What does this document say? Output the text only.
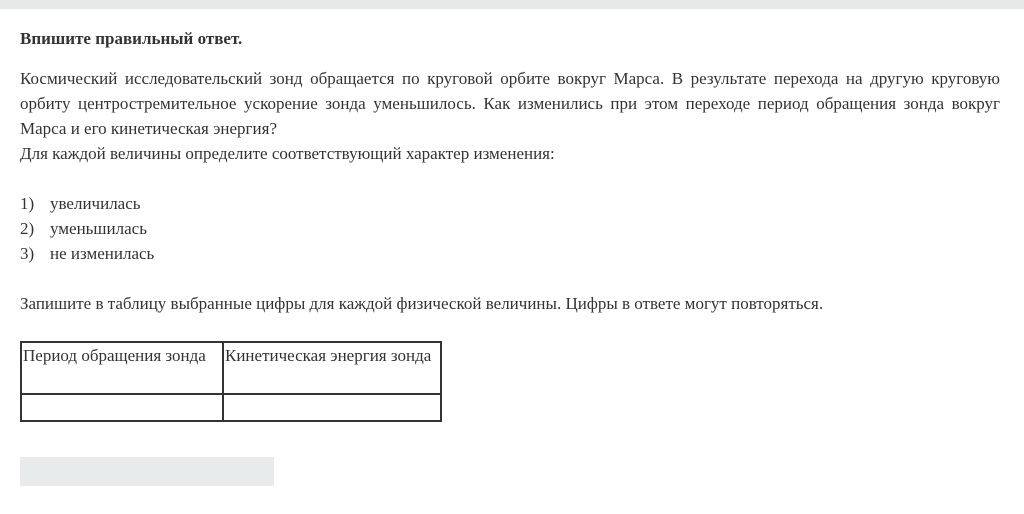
Впишите правильный ответ.

Космический исследовательский зонд обращается по круговой орбите вокруг Марса. В результате перехода на другую круговую орбиту центростремительное ускорение зонда уменьшилось. Как изменились при этом переходе период обращения зонда вокруг Марса и его кинетическая энергия?

Для каждой величины определите соответствующий характер изменения:

1) увеличилась
2) уменьшилась
3) не изменилась

Запишите в таблицу выбранные цифры для каждой физической величины. Цифры в ответе могут повторяться.

Период обращения зонда	Кинетическая энергия зонда
